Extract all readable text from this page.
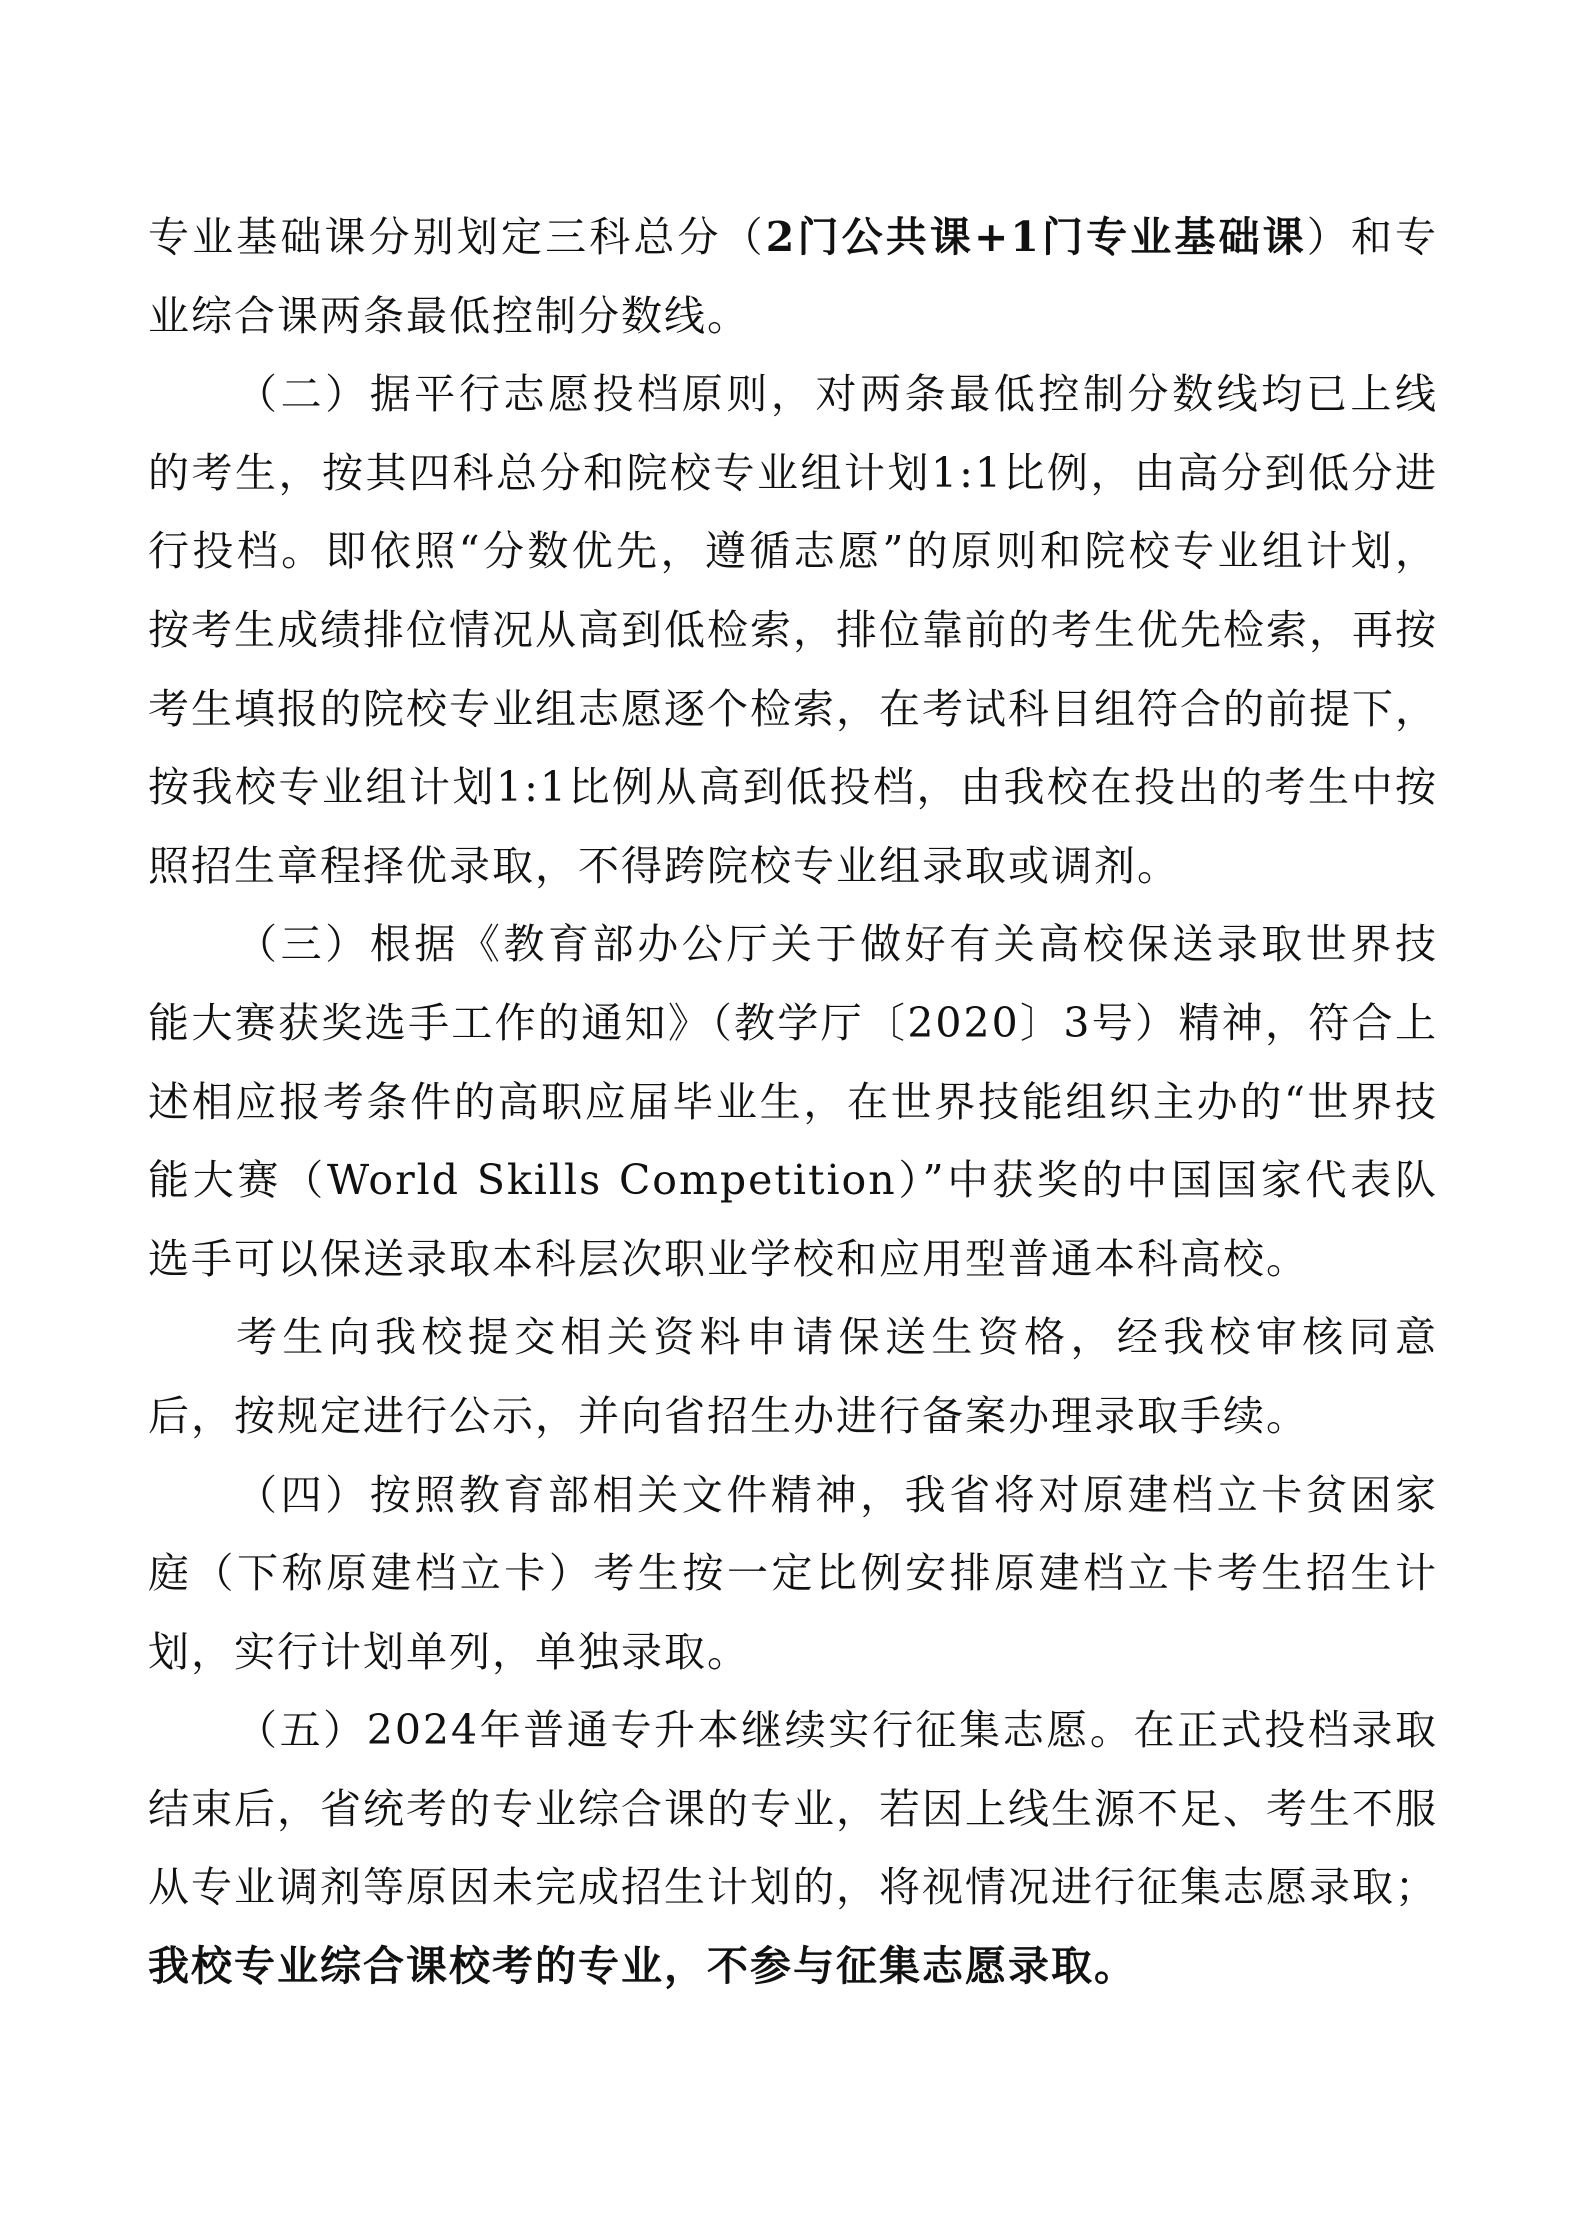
专业基础课分别划定三科总分（2门公共课+1门专业基础课）和专业综合课两条最低控制分数线。

（二）据平行志愿投档原则，对两条最低控制分数线均已上线的考生，按其四科总分和院校专业组计划1:1比例，由高分到低分进行投档。即依照“分数优先，遵循志愿”的原则和院校专业组计划，按考生成绩排位情况从高到低检索，排位靠前的考生优先检索，再按考生填报的院校专业组志愿逐个检索，在考试科目组符合的前提下，按我校专业组计划1:1比例从高到低投档，由我校在投出的考生中按照招生章程择优录取，不得跨院校专业组录取或调剂。

（三）根据《教育部办公厅关于做好有关高校保送录取世界技能大赛获奖选手工作的通知》（教学厅〔2020〕3号）精神，符合上述相应报考条件的高职应届毕业生，在世界技能组织主办的“世界技能大赛（World Skills Competition）”中获奖的中国国家代表队选手可以保送录取本科层次职业学校和应用型普通本科高校。

考生向我校提交相关资料申请保送生资格，经我校审核同意后，按规定进行公示，并向省招生办进行备案办理录取手续。

（四）按照教育部相关文件精神，我省将对原建档立卡贫困家庭（下称原建档立卡）考生按一定比例安排原建档立卡考生招生计划，实行计划单列，单独录取。

（五）2024年普通专升本继续实行征集志愿。在正式投档录取结束后，省统考的专业综合课的专业，若因上线生源不足、考生不服从专业调剂等原因未完成招生计划的，将视情况进行征集志愿录取；我校专业综合课校考的专业，不参与征集志愿录取。
